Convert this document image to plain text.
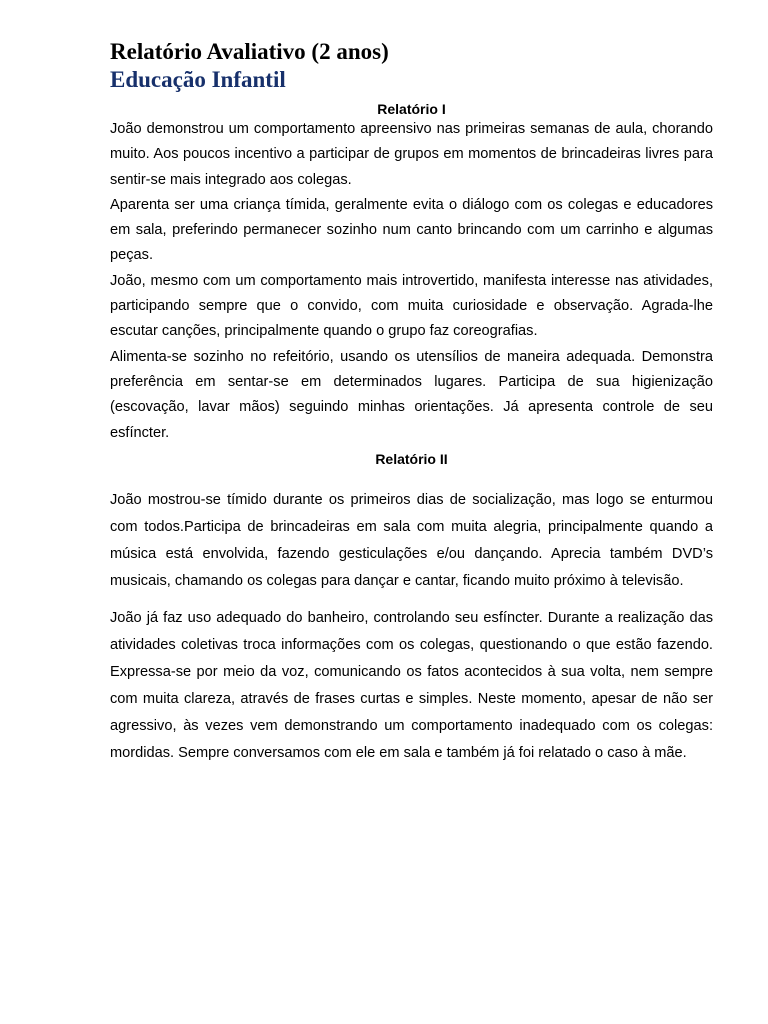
Relatório Avaliativo (2 anos)
Educação Infantil
Relatório I

João demonstrou um comportamento apreensivo nas primeiras semanas de aula, chorando muito. Aos poucos incentivo a participar de grupos em momentos de brincadeiras livres para sentir-se mais integrado aos colegas.

Aparenta ser uma criança tímida, geralmente evita o diálogo com os colegas e educadores em sala, preferindo permanecer sozinho num canto brincando com um carrinho e algumas peças.

João, mesmo com um comportamento mais introvertido, manifesta interesse nas atividades, participando sempre que o convido, com muita curiosidade e observação. Agrada-lhe escutar canções, principalmente quando o grupo faz coreografias.

Alimenta-se sozinho no refeitório, usando os utensílios de maneira adequada. Demonstra preferência em sentar-se em determinados lugares. Participa de sua higienização (escovação, lavar mãos) seguindo minhas orientações. Já apresenta controle de seu esfíncter.

Relatório II

João mostrou-se tímido durante os primeiros dias de socialização, mas logo se enturmou com todos.Participa de brincadeiras em sala com muita alegria, principalmente quando a música está envolvida, fazendo gesticulações e/ou dançando. Aprecia também DVD’s musicais, chamando os colegas para dançar e cantar, ficando muito próximo à televisão.

João já faz uso adequado do banheiro, controlando seu esfíncter. Durante a realização das atividades coletivas troca informações com os colegas, questionando o que estão fazendo. Expressa-se por meio da voz, comunicando os fatos acontecidos à sua volta, nem sempre com muita clareza, através de frases curtas e simples. Neste momento, apesar de não ser agressivo, às vezes vem demonstrando um comportamento inadequado com os colegas: mordidas. Sempre conversamos com ele em sala e também já foi relatado o caso à mãe.
